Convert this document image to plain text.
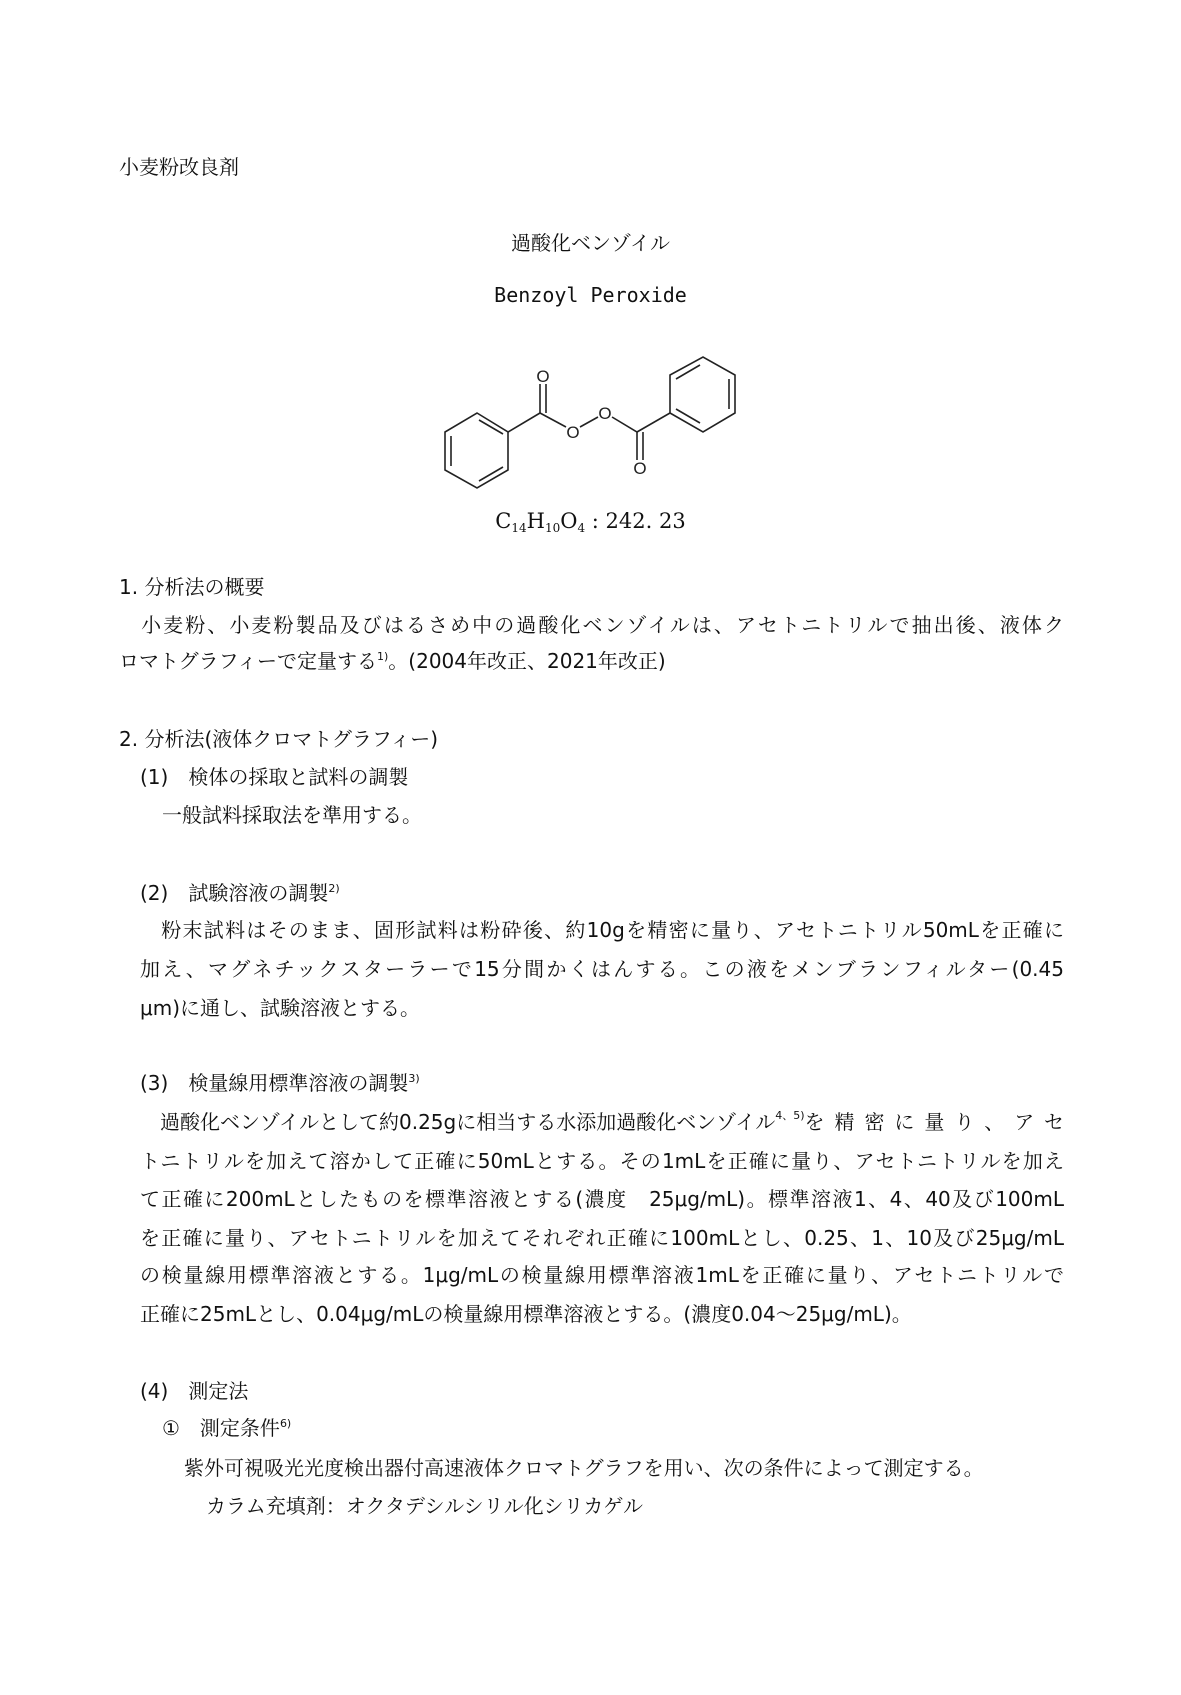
小麦粉改良剤
過酸化ベンゾイル
Benzoyl Peroxide
O
O
O
O
$C_{14}H_{10}O_4$ : 242. 23
1. 分析法の概要
　小麦粉、小麦粉製品及びはるさめ中の過酸化ベンゾイルは、アセトニトリルで抽出後、液体ク
ロマトグラフィーで定量する$^{1)}$。(2004年改正、2021年改正)
2. 分析法(液体クロマトグラフィー)
(1)　検体の採取と試料の調製
一般試料採取法を準用する。
(2)　試験溶液の調製$^{2)}$
　粉末試料はそのまま、固形試料は粉砕後、約10gを精密に量り、アセトニトリル50mLを正確に
加え、マグネチックスターラーで15分間かくはんする。この液をメンブランフィルター(0.45
μm)に通し、試験溶液とする。
(3)　検量線用標準溶液の調製$^{3)}$
　過酸化ベンゾイルとして約0.25gに相当する水添加過酸化ベンゾイル 4、5) を精密に量り、アセ
トニトリルを加えて溶かして正確に50mLとする。その1mLを正確に量り、アセトニトリルを加え
て正確に200mLとしたものを標準溶液とする(濃度　25μg/mL)。標準溶液1、4、40及び100mL
を正確に量り、アセトニトリルを加えてそれぞれ正確に100mLとし、0.25、1、10及び25μg/mL
の検量線用標準溶液とする。1μg/mLの検量線用標準溶液1mLを正確に量り、アセトニトリルで
正確に25mLとし、0.04μg/mLの検量線用標準溶液とする。(濃度0.04～25μg/mL)。
(4)　測定法
①　測定条件$^{6)}$
紫外可視吸光光度検出器付高速液体クロマトグラフを用い、次の条件によって測定する。
カラム充填剤：オクタデシルシリル化シリカゲル
